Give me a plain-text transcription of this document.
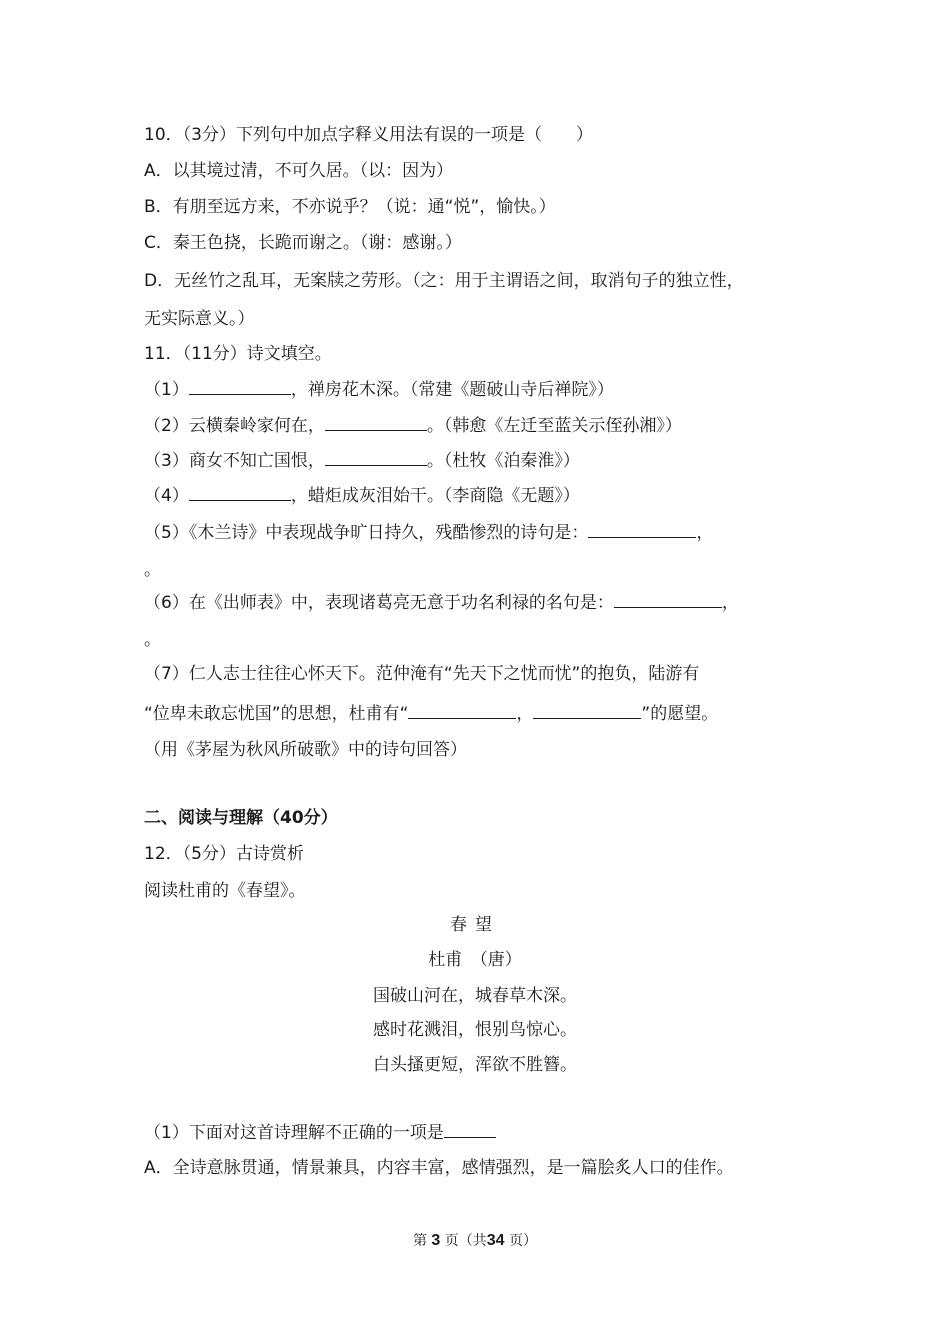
10．（3分）下列句中加点字释义用法有误的一项是（　　）

A．以其境过清，不可久居。（以：因为）

B．有朋至远方来，不亦说乎？（说：通“悦”，愉快。）

C．秦王色挠，长跪而谢之。（谢：感谢。）

D．无丝竹之乱耳，无案牍之劳形。（之：用于主谓语之间，取消句子的独立性，

无实际意义。）

11．（11分）诗文填空。

（1）	，禅房花木深。（常建《题破山寺后禅院》）

（2）云横秦岭家何在，	。（韩愈《左迁至蓝关示侄孙湘》）

（3）商女不知亡国恨，	。（杜牧《泊秦淮》）

（4）	，蜡炬成灰泪始干。（李商隐《无题》）

（5）《木兰诗》中表现战争旷日持久，残酷惨烈的诗句是：	，

。

（6）在《出师表》中，表现诸葛亮无意于功名利禄的名句是：	，

。

（7）仁人志士往往心怀天下。范仲淹有“先天下之忧而忧”的抱负，陆游有

“位卑未敢忘忧国”的思想，杜甫有“	，	”的愿望。

（用《茅屋为秋风所破歌》中的诗句回答）

二、阅读与理解（40分）

12．（5分）古诗赏析

阅读杜甫的《春望》。

春望

杜甫　（唐）

国破山河在，城春草木深。

感时花溅泪，恨别鸟惊心。

白头搔更短，浑欲不胜簪。

（1）下面对这首诗理解不正确的一项是

A．全诗意脉贯通，情景兼具，内容丰富，感情强烈，是一篇脍炙人口的佳作。

第 3 页（共34 页）
